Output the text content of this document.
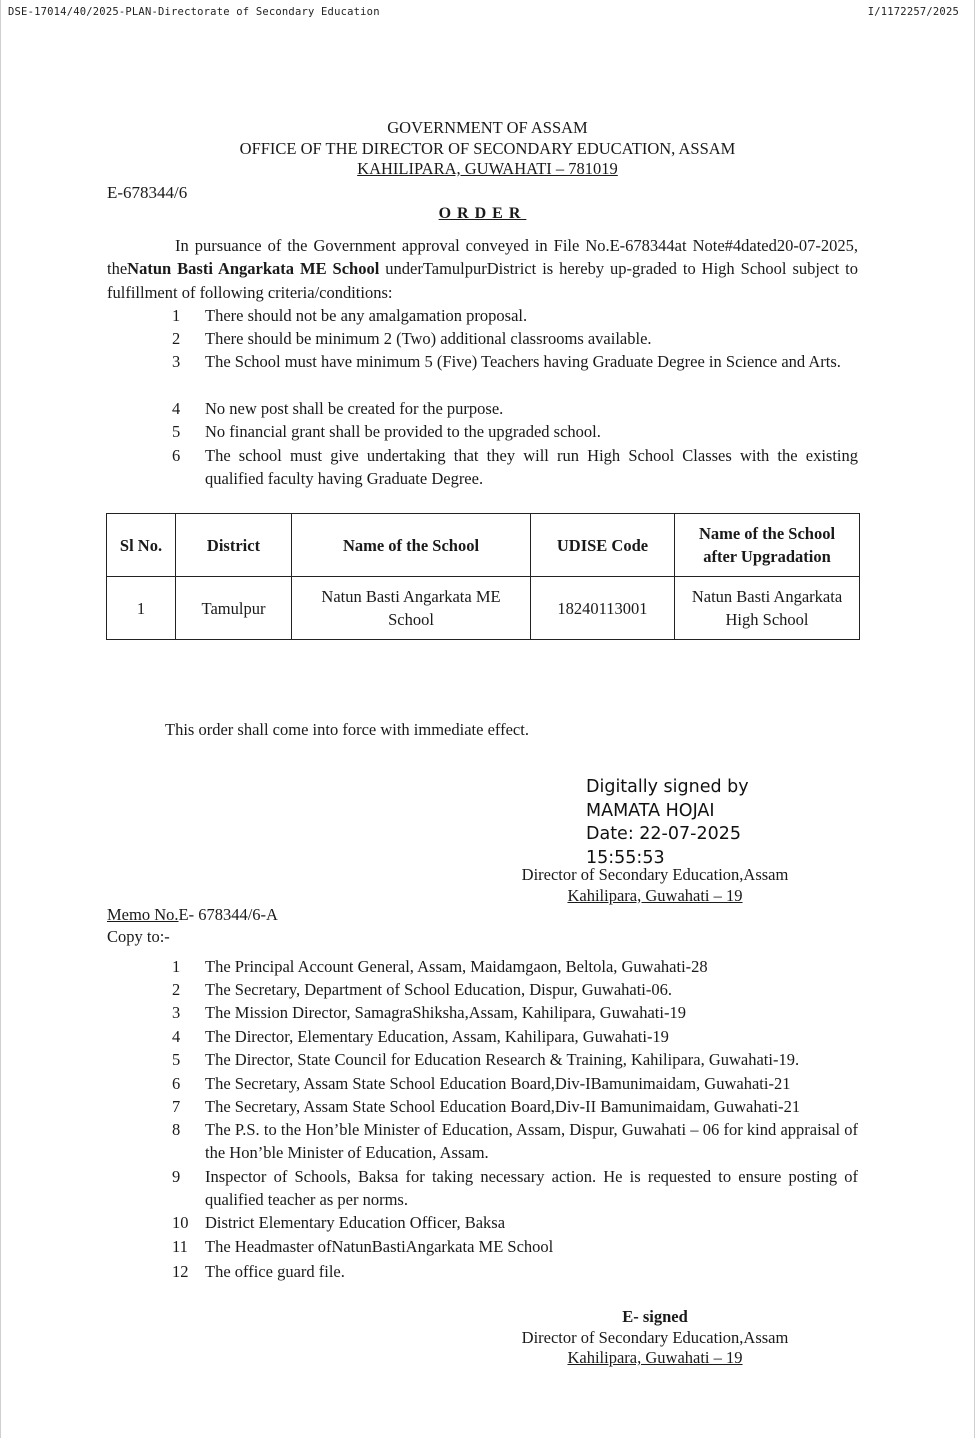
DSE-17014/40/2025-PLAN-Directorate of Secondary Education	I/1172257/2025
GOVERNMENT OF ASSAM
OFFICE OF THE DIRECTOR OF SECONDARY EDUCATION, ASSAM
KAHILIPARA, GUWAHATI – 781019
E-678344/6
ORDER
In pursuance of the Government approval conveyed in File No.E-678344at Note#4dated20-07-2025, theNatun Basti Angarkata ME School underTamulpurDistrict is hereby up-graded to High School subject to fulfillment of following criteria/conditions:
1	There should not be any amalgamation proposal.
2	There should be minimum 2 (Two) additional classrooms available.
3	The School must have minimum 5 (Five) Teachers having Graduate Degree in Science and Arts.
4	No new post shall be created for the purpose.
5	No financial grant shall be provided to the upgraded school.
6	The school must give undertaking that they will run High School Classes with the existing qualified faculty having Graduate Degree.
Sl No.	District	Name of the School	UDISE Code	Name of the School after Upgradation
1	Tamulpur	Natun Basti Angarkata ME School	18240113001	Natun Basti Angarkata High School
This order shall come into force with immediate effect.
Digitally signed by
MAMATA HOJAI
Date: 22-07-2025
15:55:53
Director of Secondary Education,Assam
Kahilipara, Guwahati – 19
Memo No.E- 678344/6-A
Copy to:-
1	The Principal Account General, Assam, Maidamgaon, Beltola, Guwahati-28
2	The Secretary, Department of School Education, Dispur, Guwahati-06.
3	The Mission Director, SamagraShiksha,Assam, Kahilipara, Guwahati-19
4	The Director, Elementary Education, Assam, Kahilipara, Guwahati-19
5	The Director, State Council for Education Research & Training, Kahilipara, Guwahati-19.
6	The Secretary, Assam State School Education Board,Div-IBamunimaidam, Guwahati-21
7	The Secretary, Assam State School Education Board,Div-II Bamunimaidam, Guwahati-21
8	The P.S. to the Hon’ble Minister of Education, Assam, Dispur, Guwahati – 06 for kind appraisal of the Hon’ble Minister of Education, Assam.
9	Inspector of Schools, Baksa for taking necessary action. He is requested to ensure posting of qualified teacher as per norms.
10 District Elementary Education Officer, Baksa
11 The Headmaster ofNatunBastiAngarkata ME School
12 The office guard file.
E- signed
Director of Secondary Education,Assam
Kahilipara, Guwahati – 19
